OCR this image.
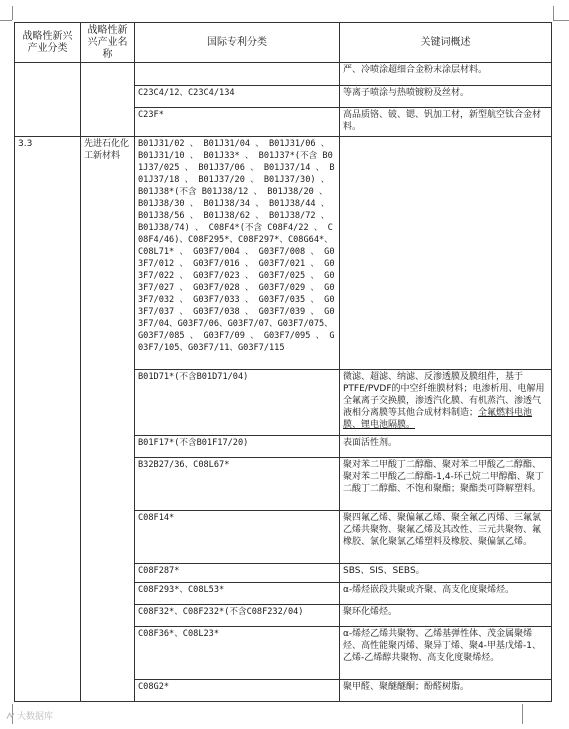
战略性新兴产业分类	战略性新兴产业名称	国际专利分类	关键词概述
			严、冷喷涂超细合金粉末涂层材料。
		C23C4/12、C23C4/134	等离子喷涂与热喷镀粉及丝材。
		C23F*	高品质铬、铍、锶、钒加工材，新型航空钛合金材料。
3.3	先进石化化工新材料	B01J31/02 、 B01J31/04 、 B01J31/06 、 B01J31/10 、 B01J33* 、 B01J37*(不含 B01J37/025 、 B01J37/06 、 B01J37/14 、 B01J37/18 、 B01J37/20 、 B01J37/30) 、 B01J38*(不含 B01J38/12 、 B01J38/20 、 B01J38/30 、 B01J38/34 、 B01J38/44 、 B01J38/56 、 B01J38/62 、 B01J38/72 、 B01J38/74) 、 C08F4*(不含 C08F4/22 、 C08F4/46)、C08F295*、C08F297*、C08G64*、 C08L71* 、 G03F7/004 、 G03F7/008 、 G03F7/012 、 G03F7/016 、 G03F7/021 、 G03F7/022 、 G03F7/023 、 G03F7/025 、 G03F7/027 、 G03F7/028 、 G03F7/029 、 G03F7/032 、 G03F7/033 、 G03F7/035 、 G03F7/037 、 G03F7/038 、 G03F7/039 、 G03F7/04、G03F7/06、G03F7/07、G03F7/075、 G03F7/085 、 G03F7/09 、 G03F7/095 、 G03F7/105、G03F7/11、G03F7/115	
		B01D71*(不含B01D71/04)	微滤、超滤、纳滤、反渗透膜及膜组件，基于PTFE/PVDF的中空纤维膜材料；电渗析用、电解用全氟离子交换膜，渗透汽化膜、有机蒸汽、渗透气液相分离膜等其他合成材料制造；全氟燃料电池膜、锂电池隔膜。
		B01F17*(不含B01F17/20)	表面活性剂。
		B32B27/36、C08L67*	聚对苯二甲酸丁二醇酯、聚对苯二甲酸乙二醇酯、聚对苯二甲酸乙二醇酯-1,4-环己烷二甲醇酯、聚丁二酸丁二醇酯、不饱和聚酯；聚酯类可降解塑料。
		C08F14*	聚四氟乙烯、聚偏氟乙烯、聚全氟乙丙烯、三氟氯乙烯共聚物、聚氟乙烯及其改性、三元共聚物、氟橡胶、氯化聚氯乙烯塑料及橡胶、聚偏氯乙烯。
		C08F287*	SBS、SIS、SEBS。
		C08F293*、C08L53*	α-烯烃嵌段共聚或齐聚、高支化度聚烯烃。
		C08F32*、C08F232*(不含C08F232/04)	聚环化烯烃。
		C08F36*、C08L23*	α-烯烃乙烯共聚物、乙烯基弹性体、茂金属聚烯烃、高性能聚丙烯、聚异丁烯、聚4-甲基戊烯-1、乙烯-乙烯醇共聚物、高支化度聚烯烃。
		C08G2*	聚甲醛、聚醚醚酮；酚醛树脂。
大数据库
